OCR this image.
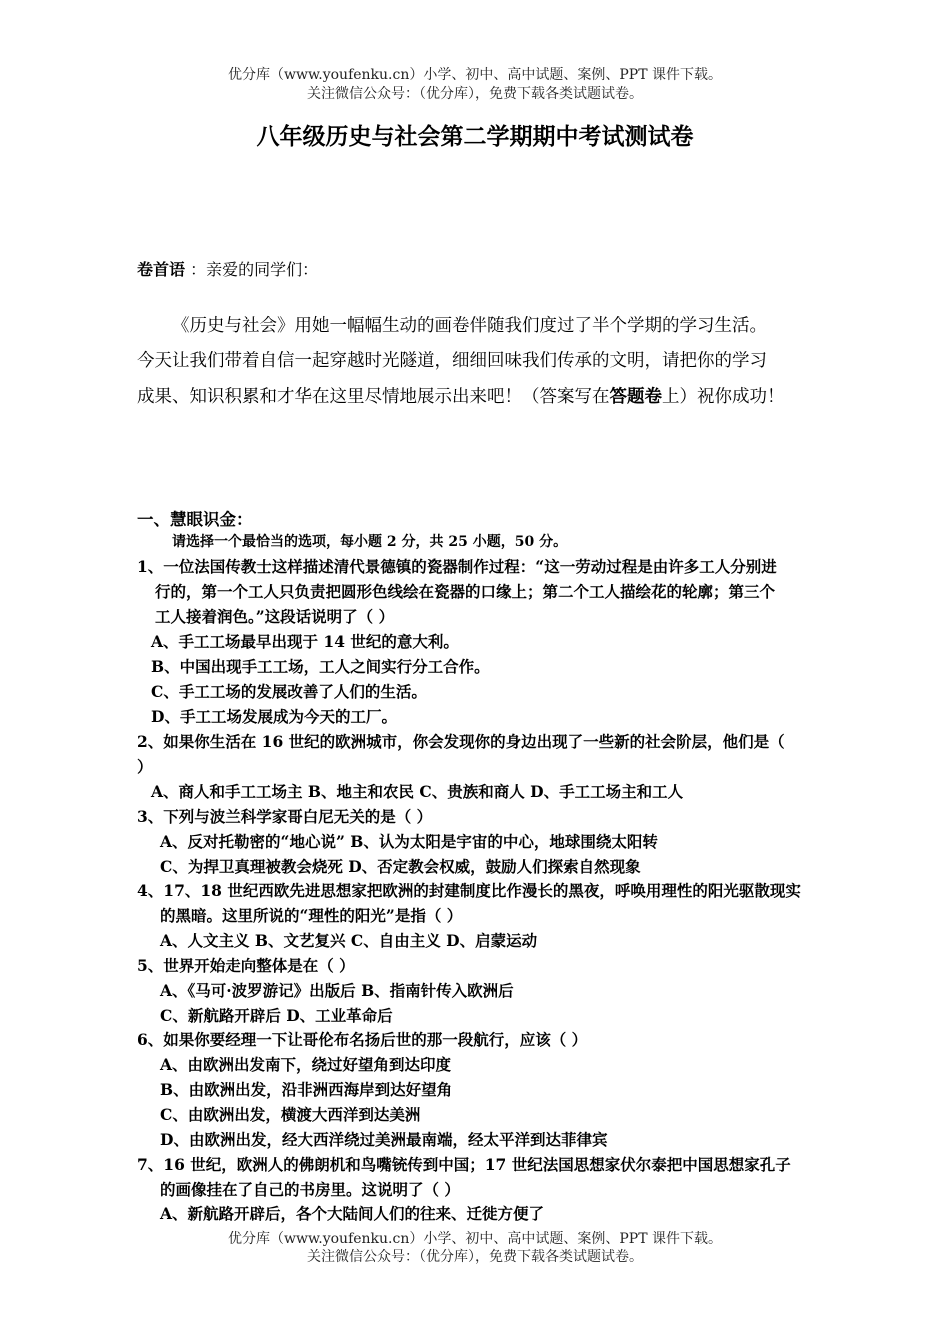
优分库（www.youfenku.cn）小学、初中、高中试题、案例、PPT 课件下载。
关注微信公众号：（优分库），免费下载各类试题试卷。
八年级历史与社会第二学期期中考试测试卷
卷首语 ：亲爱的同学们：
《历史与社会》用她一幅幅生动的画卷伴随我们度过了半个学期的学习生活。
今天让我们带着自信一起穿越时光隧道，细细回味我们传承的文明，请把你的学习
成果、知识积累和才华在这里尽情地展示出来吧！（答案写在答题卷上）祝你成功！
一、慧眼识金：
请选择一个最恰当的选项，每小题 2 分，共 25 小题，50 分。
1、一位法国传教士这样描述清代景德镇的瓷器制作过程：“这一劳动过程是由许多工人分别进
行的，第一个工人只负责把圆形色线绘在瓷器的口缘上；第二个工人描绘花的轮廓；第三个
工人接着润色。”这段话说明了（ ）
A、手工工场最早出现于 14 世纪的意大利。
B、中国出现手工工场，工人之间实行分工合作。
C、手工工场的发展改善了人们的生活。
D、手工工场发展成为今天的工厂。
2、如果你生活在 16 世纪的欧洲城市，你会发现你的身边出现了一些新的社会阶层，他们是（
）
A、商人和手工工场主 B、地主和农民 C、贵族和商人 D、手工工场主和工人
3、下列与波兰科学家哥白尼无关的是（ ）
A、反对托勒密的“地心说” B、认为太阳是宇宙的中心，地球围绕太阳转
C、为捍卫真理被教会烧死 D、否定教会权威，鼓励人们探索自然现象
4、17、18 世纪西欧先进思想家把欧洲的封建制度比作漫长的黑夜，呼唤用理性的阳光驱散现实
的黑暗。这里所说的“理性的阳光”是指（ ）
A、人文主义 B、文艺复兴 C、自由主义 D、启蒙运动
5、世界开始走向整体是在（ ）
A、《马可·波罗游记》出版后 B、指南针传入欧洲后
C、新航路开辟后 D、工业革命后
6、如果你要经理一下让哥伦布名扬后世的那一段航行，应该（ ）
A、由欧洲出发南下，绕过好望角到达印度
B、由欧洲出发，沿非洲西海岸到达好望角
C、由欧洲出发，横渡大西洋到达美洲
D、由欧洲出发，经大西洋绕过美洲最南端，经太平洋到达菲律宾
7、16 世纪，欧洲人的佛朗机和鸟嘴铳传到中国；17 世纪法国思想家伏尔泰把中国思想家孔子
的画像挂在了自己的书房里。这说明了（ ）
A、新航路开辟后，各个大陆间人们的往来、迁徙方便了
优分库（www.youfenku.cn）小学、初中、高中试题、案例、PPT 课件下载。
关注微信公众号：（优分库），免费下载各类试题试卷。
